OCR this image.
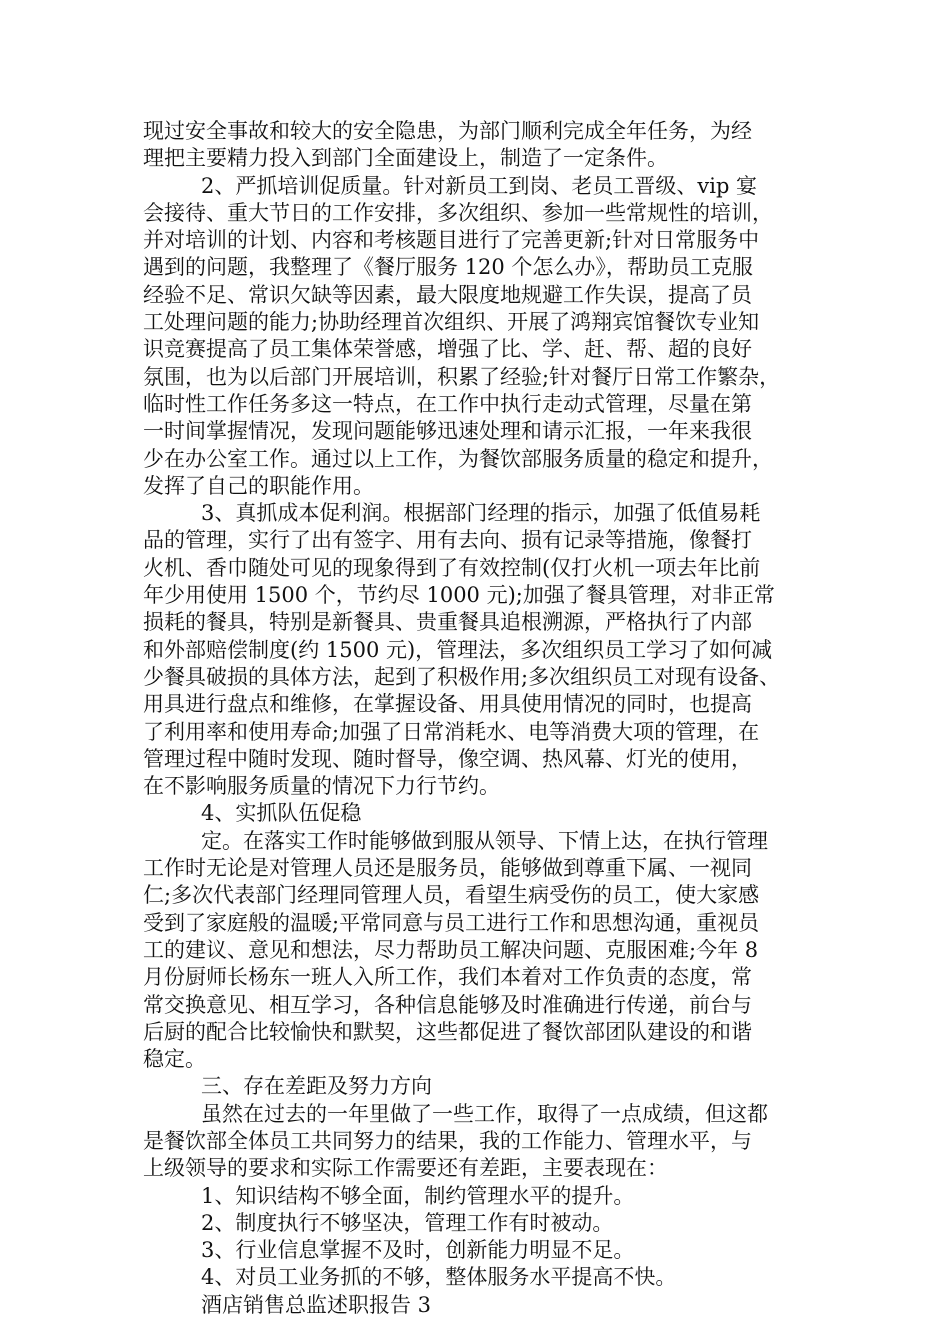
现过安全事故和较大的安全隐患，为部门顺利完成全年任务，为经
理把主要精力投入到部门全面建设上，制造了一定条件。
2、严抓培训促质量。针对新员工到岗、老员工晋级、vip 宴
会接待、重大节日的工作安排，多次组织、参加一些常规性的培训，
并对培训的计划、内容和考核题目进行了完善更新;针对日常服务中
遇到的问题，我整理了《餐厅服务 120 个怎么办》，帮助员工克服
经验不足、常识欠缺等因素，最大限度地规避工作失误，提高了员
工处理问题的能力;协助经理首次组织、开展了鸿翔宾馆餐饮专业知
识竞赛提高了员工集体荣誉感，增强了比、学、赶、帮、超的良好
氛围，也为以后部门开展培训，积累了经验;针对餐厅日常工作繁杂，
临时性工作任务多这一特点，在工作中执行走动式管理，尽量在第
一时间掌握情况，发现问题能够迅速处理和请示汇报，一年来我很
少在办公室工作。通过以上工作，为餐饮部服务质量的稳定和提升，
发挥了自己的职能作用。
3、真抓成本促利润。根据部门经理的指示，加强了低值易耗
品的管理，实行了出有签字、用有去向、损有记录等措施，像餐打
火机、香巾随处可见的现象得到了有效控制(仅打火机一项去年比前
年少用使用 1500 个，节约尽 1000 元);加强了餐具管理，对非正常
损耗的餐具，特别是新餐具、贵重餐具追根溯源，严格执行了内部
和外部赔偿制度(约 1500 元)，管理法，多次组织员工学习了如何减
少餐具破损的具体方法，起到了积极作用;多次组织员工对现有设备、
用具进行盘点和维修，在掌握设备、用具使用情况的同时，也提高
了利用率和使用寿命;加强了日常消耗水、电等消费大项的管理，在
管理过程中随时发现、随时督导，像空调、热风幕、灯光的使用，
在不影响服务质量的情况下力行节约。
4、实抓队伍促稳
定。在落实工作时能够做到服从领导、下情上达，在执行管理
工作时无论是对管理人员还是服务员，能够做到尊重下属、一视同
仁;多次代表部门经理同管理人员，看望生病受伤的员工，使大家感
受到了家庭般的温暖;平常同意与员工进行工作和思想沟通，重视员
工的建议、意见和想法，尽力帮助员工解决问题、克服困难;今年 8
月份厨师长杨东一班人入所工作，我们本着对工作负责的态度，常
常交换意见、相互学习，各种信息能够及时准确进行传递，前台与
后厨的配合比较愉快和默契，这些都促进了餐饮部团队建设的和谐
稳定。
三、存在差距及努力方向
虽然在过去的一年里做了一些工作，取得了一点成绩，但这都
是餐饮部全体员工共同努力的结果，我的工作能力、管理水平，与
上级领导的要求和实际工作需要还有差距，主要表现在：
1、知识结构不够全面，制约管理水平的提升。
2、制度执行不够坚决，管理工作有时被动。
3、行业信息掌握不及时，创新能力明显不足。
4、对员工业务抓的不够，整体服务水平提高不快。
酒店销售总监述职报告 3
